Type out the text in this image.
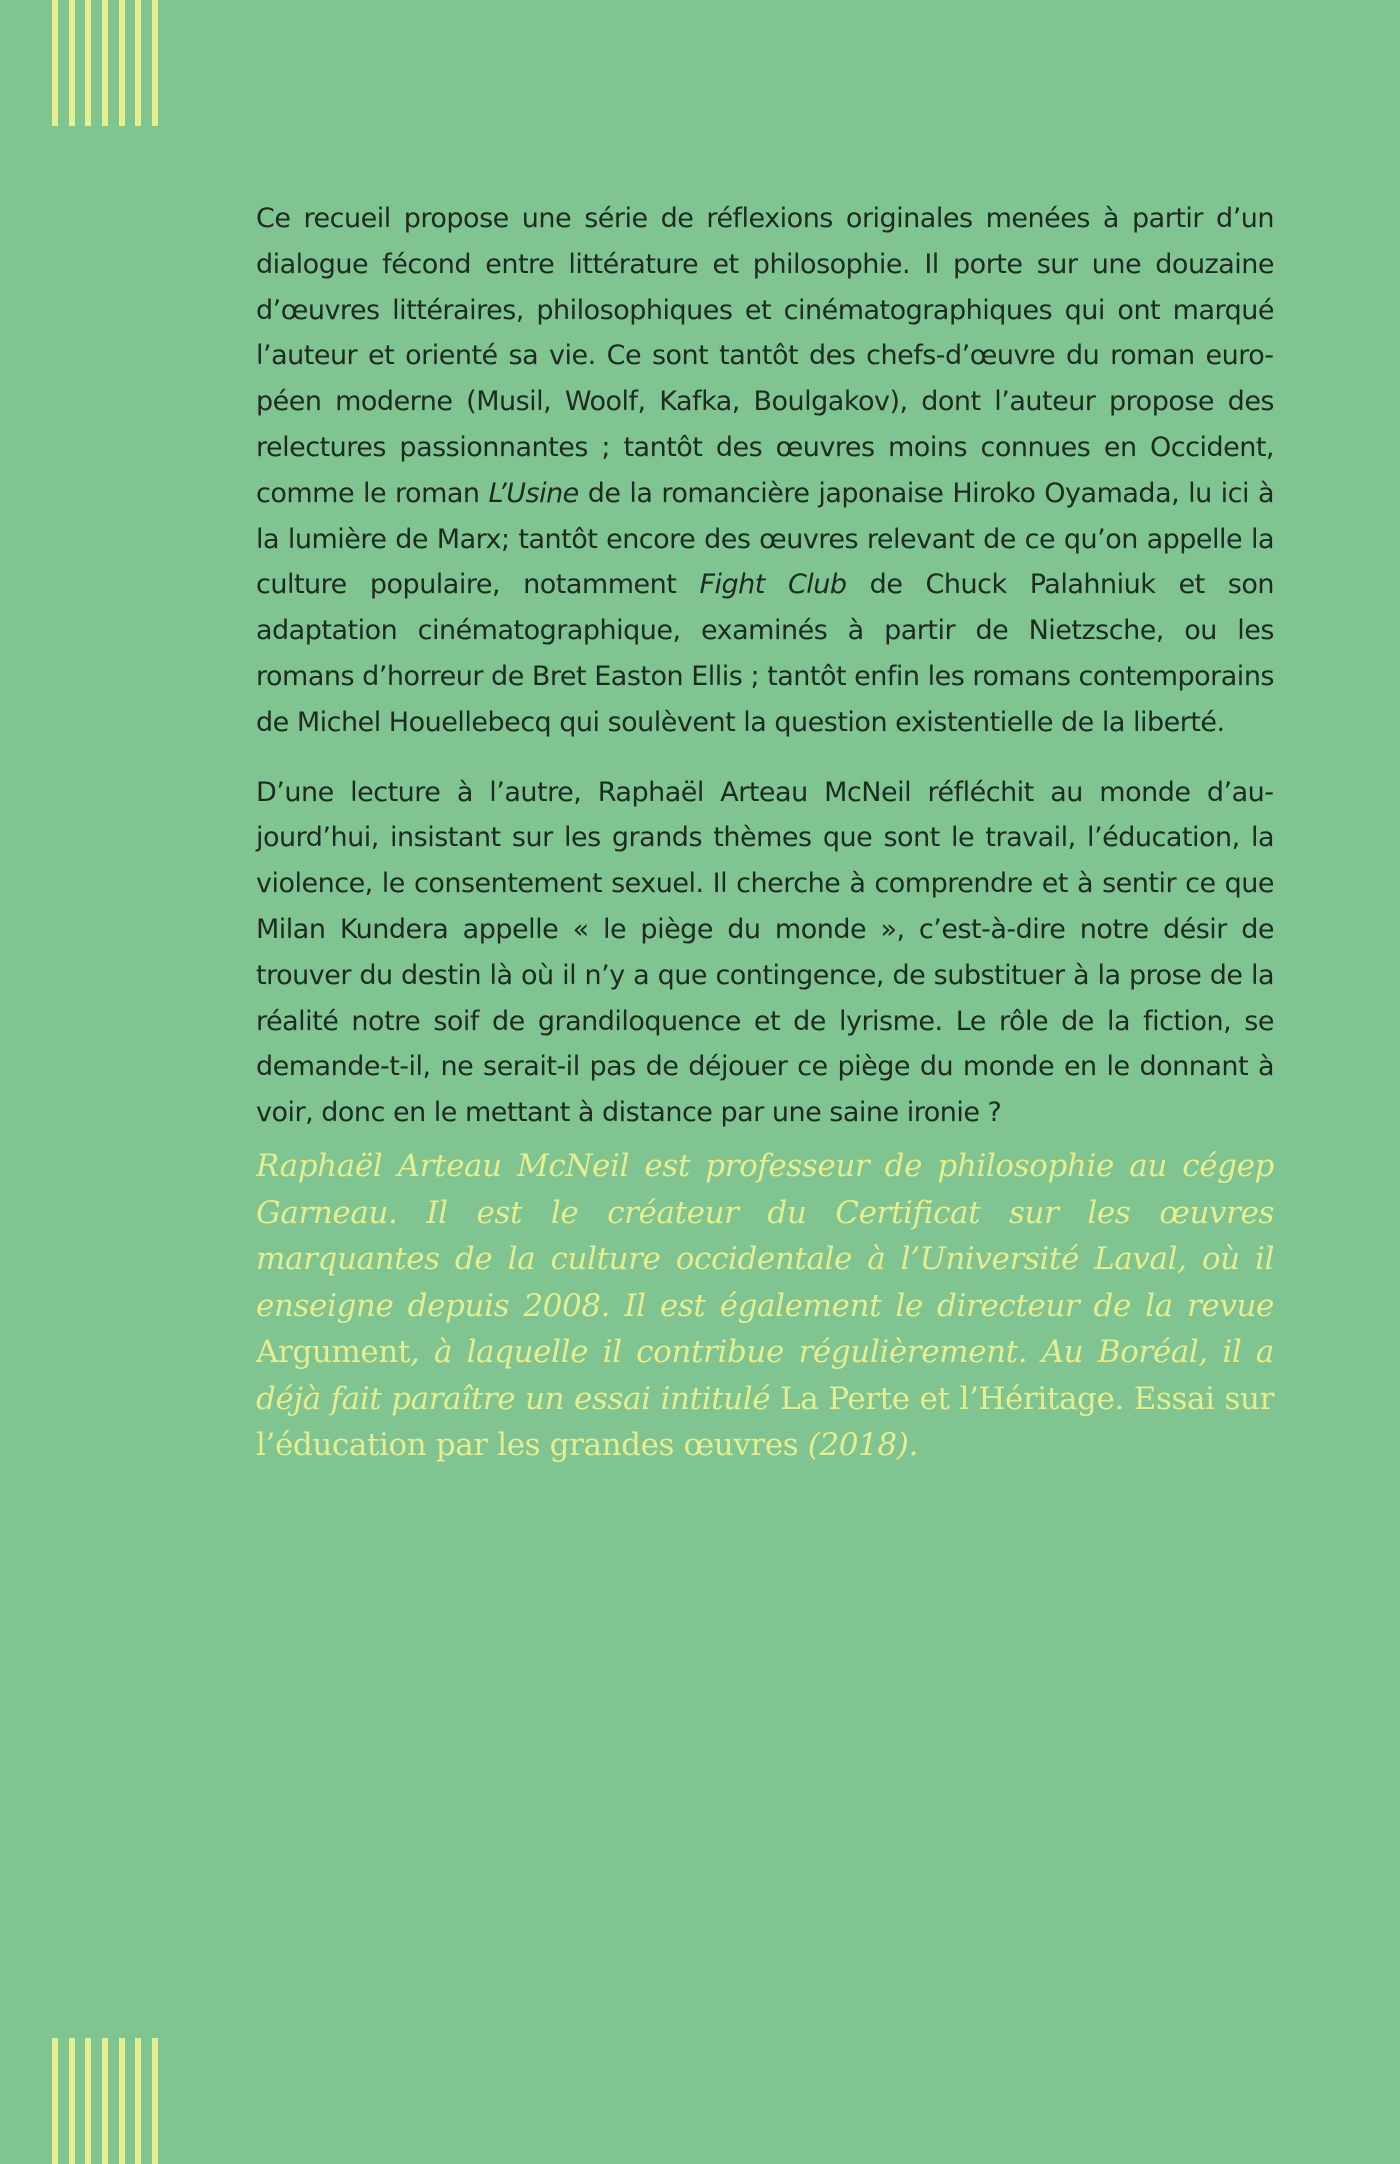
Ce recueil propose une série de réflexions originales menées à partir d’un dialogue fécond entre littérature et philosophie. Il porte sur une douzaine d’œuvres littéraires, philosophiques et cinématographiques qui ont marqué l’auteur et orienté sa vie. Ce sont tantôt des chefs-d’œuvre du roman européen moderne (Musil, Woolf, Kafka, Boulgakov), dont l’auteur propose des relectures passionnantes ; tantôt des œuvres moins connues en Occident, comme le roman L’Usine de la romancière japonaise Hiroko Oyamada, lu ici à la lumière de Marx; tantôt encore des œuvres relevant de ce qu’on appelle la culture populaire, notamment Fight Club de Chuck Palahniuk et son adaptation cinématographique, examinés à partir de Nietzsche, ou les romans d’horreur de Bret Easton Ellis ; tantôt enfin les romans contemporains de Michel Houellebecq qui soulèvent la question existentielle de la liberté.

D’une lecture à l’autre, Raphaël Arteau McNeil réfléchit au monde d’aujourd’hui, insistant sur les grands thèmes que sont le travail, l’éducation, la violence, le consentement sexuel. Il cherche à comprendre et à sentir ce que Milan Kundera appelle « le piège du monde », c’est-à-dire notre désir de trouver du destin là où il n’y a que contingence, de substituer à la prose de la réalité notre soif de grandiloquence et de lyrisme. Le rôle de la fiction, se demande-t-il, ne serait-il pas de déjouer ce piège du monde en le donnant à voir, donc en le mettant à distance par une saine ironie ?

Raphaël Arteau McNeil est professeur de philosophie au cégep Garneau. Il est le créateur du Certificat sur les œuvres marquantes de la culture occidentale à l’Université Laval, où il enseigne depuis 2008. Il est également le directeur de la revue Argument, à laquelle il contribue régulièrement. Au Boréal, il a déjà fait paraître un essai intitulé La Perte et l’Héritage. Essai sur l’éducation par les grandes œuvres (2018).
